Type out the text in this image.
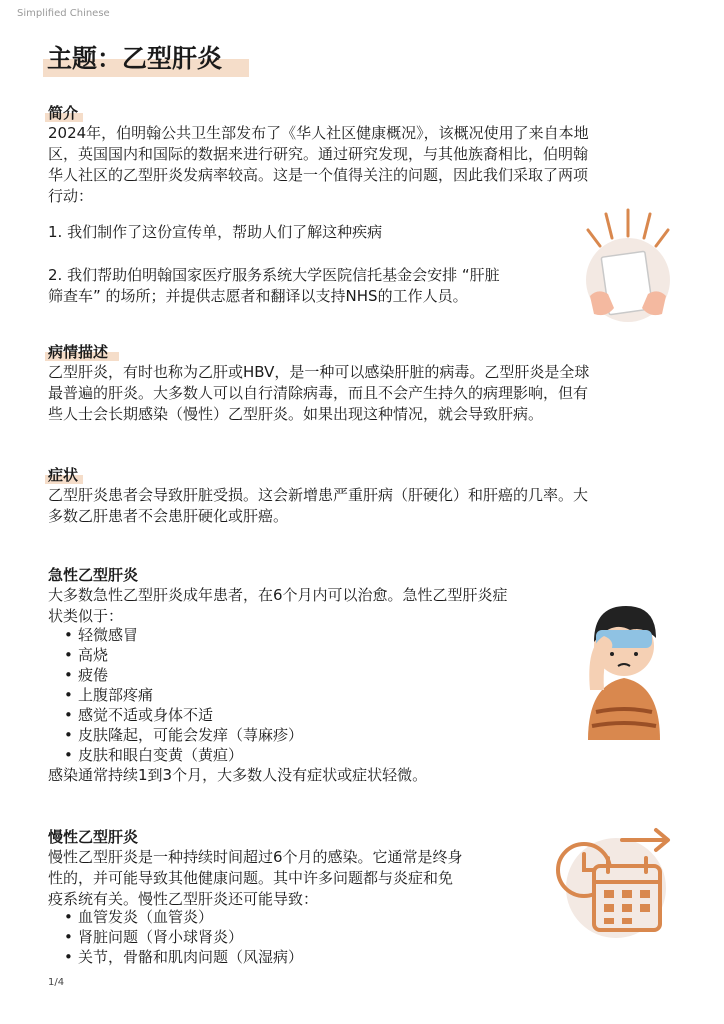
Simplified Chinese
主题：乙型肝炎
简介
2024年，伯明翰公共卫生部发布了《华人社区健康概况》，该概况使用了来自本地
区，英国国内和国际的数据来进行研究。通过研究发现，与其他族裔相比，伯明翰
华人社区的乙型肝炎发病率较高。这是一个值得关注的问题，因此我们采取了两项
行动：
1. 我们制作了这份宣传单，帮助人们了解这种疾病
2. 我们帮助伯明翰国家医疗服务系统大学医院信托基金会安排 “肝脏
筛查车” 的场所；并提供志愿者和翻译以支持NHS的工作人员。
病情描述
乙型肝炎，有时也称为乙肝或HBV，是一种可以感染肝脏的病毒。乙型肝炎是全球
最普遍的肝炎。大多数人可以自行清除病毒，而且不会产生持久的病理影响，但有
些人士会长期感染（慢性）乙型肝炎。如果出现这种情况，就会导致肝病。
症状
乙型肝炎患者会导致肝脏受损。这会新增患严重肝病（肝硬化）和肝癌的几率。大
多数乙肝患者不会患肝硬化或肝癌。
急性乙型肝炎
大多数急性乙型肝炎成年患者，在6个月内可以治愈。急性乙型肝炎症
状类似于：
• 轻微感冒
• 高烧
• 疲倦
• 上腹部疼痛
• 感觉不适或身体不适
• 皮肤隆起，可能会发痒（荨麻疹）
• 皮肤和眼白变黄（黄疸）
感染通常持续1到3个月，大多数人没有症状或症状轻微。
慢性乙型肝炎
慢性乙型肝炎是一种持续时间超过6个月的感染。它通常是终身
性的，并可能导致其他健康问题。其中许多问题都与炎症和免
疫系统有关。慢性乙型肝炎还可能导致：
• 血管发炎（血管炎）
• 肾脏问题（肾小球肾炎）
• 关节，骨骼和肌肉问题（风湿病）
1/4
